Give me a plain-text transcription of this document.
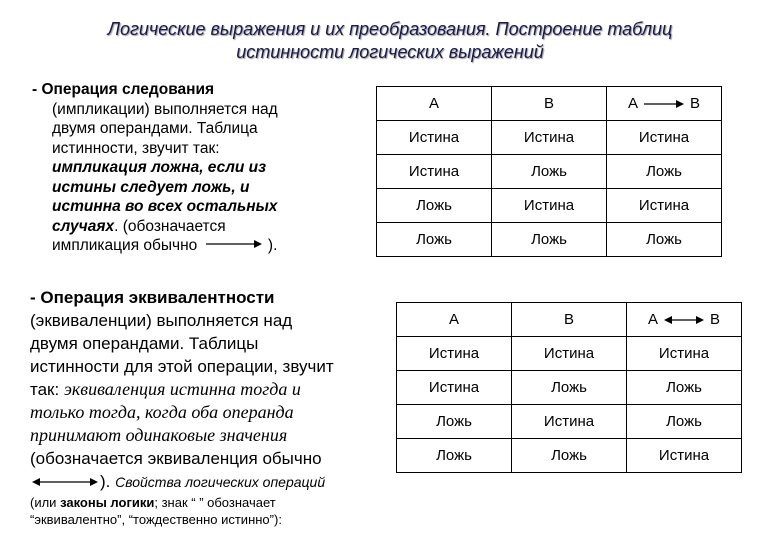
Логические выражения и их преобразования. Построение таблиц
истинности логических выражений
- Операция следования
(импликации) выполняется над
двумя операндами. Таблица
истинности, звучит так:
импликация ложна, если из
истины следует ложь, и
истинна во всех остальных
случаях. (обозначается
импликация обычно	).
A	B	A B

Истина	Истина	Истина
Истина	Ложь	Ложь
Ложь	Истина	Истина
Ложь	Ложь	Ложь
- Операция эквивалентности
(эквиваленции) выполняется над
двумя операндами. Таблицы
истинности для этой операции, звучит
так: эквиваленция истинна тогда и
только тогда, когда оба операнда
принимают одинаковые значения
(обозначается эквиваленция обычно
). Свойства логических операций
(или законы логики; знак “ ” обозначает
“эквивалентно”, “тождественно истинно”):
A	B	A B

Истина	Истина	Истина
Истина	Ложь	Ложь
Ложь	Истина	Ложь
Ложь	Ложь	Истина
